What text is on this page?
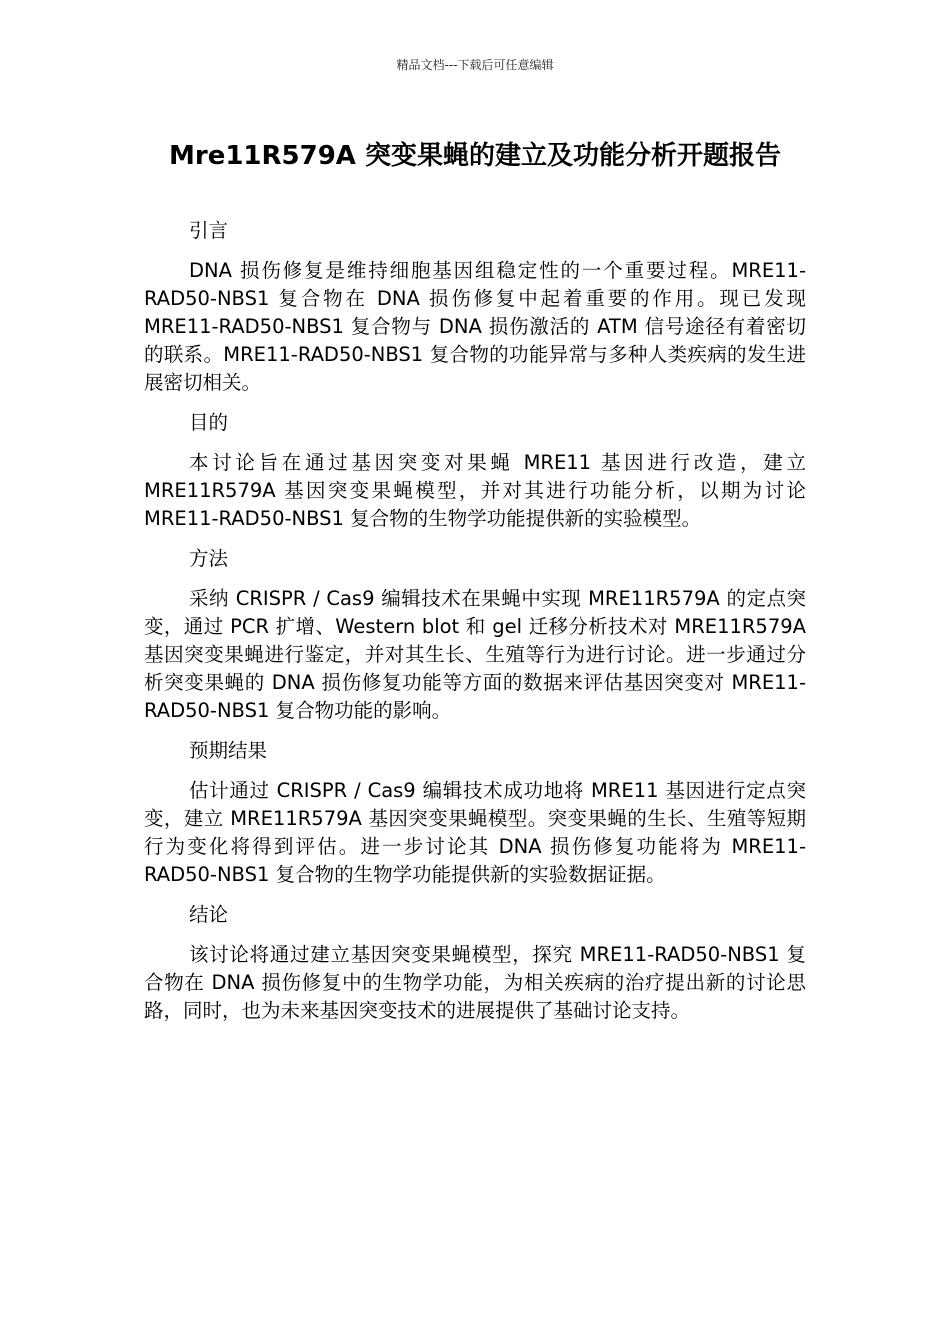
精品文档---下载后可任意编辑
Mre11R579A 突变果蝇的建立及功能分析开题报告

引言

DNA 损伤修复是维持细胞基因组稳定性的一个重要过程。MRE11-RAD50-NBS1 复合物在 DNA 损伤修复中起着重要的作用。现已发现 MRE11-RAD50-NBS1 复合物与 DNA 损伤激活的 ATM 信号途径有着密切的联系。MRE11-RAD50-NBS1 复合物的功能异常与多种人类疾病的发生进展密切相关。

目的

本讨论旨在通过基因突变对果蝇 MRE11 基因进行改造，建立 MRE11R579A 基因突变果蝇模型，并对其进行功能分析，以期为讨论 MRE11-RAD50-NBS1 复合物的生物学功能提供新的实验模型。

方法

采纳 CRISPR / Cas9 编辑技术在果蝇中实现 MRE11R579A 的定点突变，通过 PCR 扩增、Western blot 和 gel 迁移分析技术对 MRE11R579A 基因突变果蝇进行鉴定，并对其生长、生殖等行为进行讨论。进一步通过分析突变果蝇的 DNA 损伤修复功能等方面的数据来评估基因突变对 MRE11-RAD50-NBS1 复合物功能的影响。

预期结果

估计通过 CRISPR / Cas9 编辑技术成功地将 MRE11 基因进行定点突变，建立 MRE11R579A 基因突变果蝇模型。突变果蝇的生长、生殖等短期行为变化将得到评估。进一步讨论其 DNA 损伤修复功能将为 MRE11-RAD50-NBS1 复合物的生物学功能提供新的实验数据证据。

结论

该讨论将通过建立基因突变果蝇模型，探究 MRE11-RAD50-NBS1 复合物在 DNA 损伤修复中的生物学功能，为相关疾病的治疗提出新的讨论思路，同时，也为未来基因突变技术的进展提供了基础讨论支持。
